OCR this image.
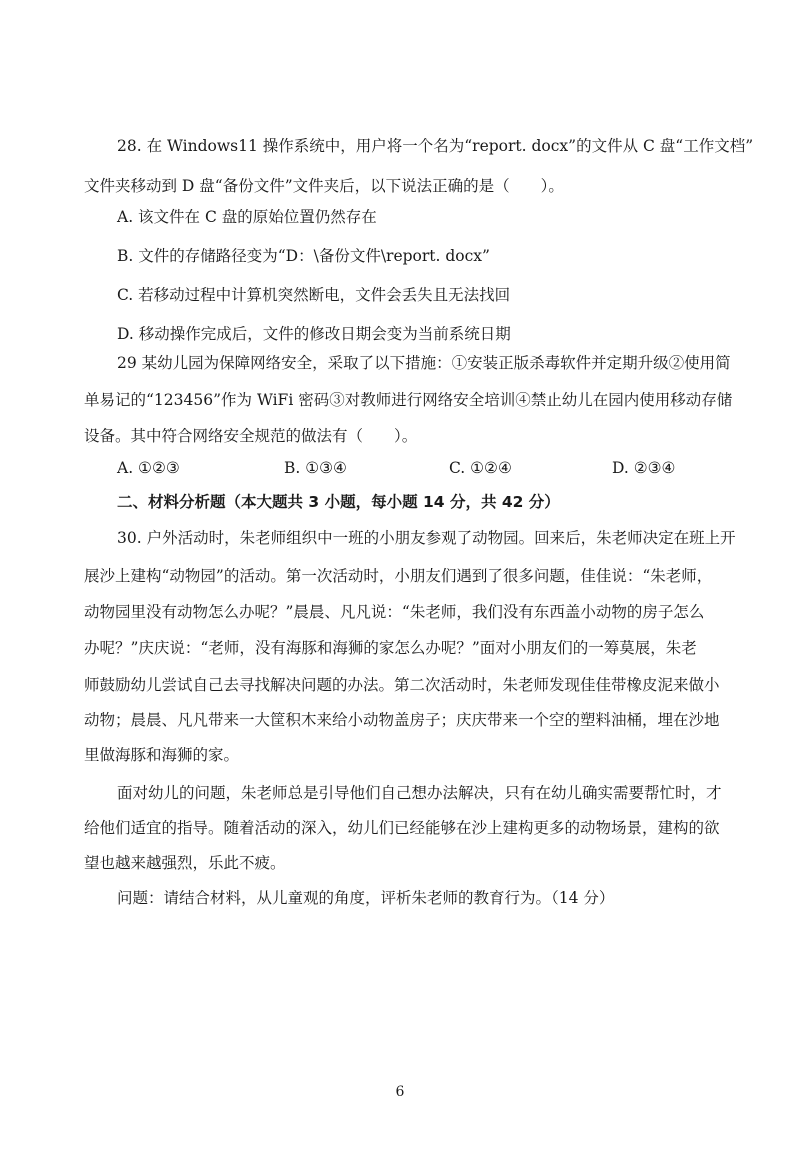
28. 在 Windows11 操作系统中，用户将一个名为“report. docx”的文件从 C 盘“工作文档”
文件夹移动到 D 盘“备份文件”文件夹后，以下说法正确的是（　　）。
A. 该文件在 C 盘的原始位置仍然存在
B. 文件的存储路径变为“D：\备份文件\report. docx”
C. 若移动过程中计算机突然断电，文件会丢失且无法找回
D. 移动操作完成后，文件的修改日期会变为当前系统日期
29 某幼儿园为保障网络安全，采取了以下措施：①安装正版杀毒软件并定期升级②使用简
单易记的“123456”作为 WiFi 密码③对教师进行网络安全培训④禁止幼儿在园内使用移动存储
设备。其中符合网络安全规范的做法有（　　）。
A. ①②③	B. ①③④	C. ①②④	D. ②③④
二、材料分析题（本大题共 3 小题，每小题 14 分，共 42 分）
30. 户外活动时，朱老师组织中一班的小朋友参观了动物园。回来后，朱老师决定在班上开
展沙上建构“动物园”的活动。第一次活动时，小朋友们遇到了很多问题，佳佳说：“朱老师，
动物园里没有动物怎么办呢？”晨晨、凡凡说：“朱老师，我们没有东西盖小动物的房子怎么
办呢？”庆庆说：“老师，没有海豚和海狮的家怎么办呢？”面对小朋友们的一筹莫展，朱老
师鼓励幼儿尝试自己去寻找解决问题的办法。第二次活动时，朱老师发现佳佳带橡皮泥来做小
动物；晨晨、凡凡带来一大筐积木来给小动物盖房子；庆庆带来一个空的塑料油桶，埋在沙地
里做海豚和海狮的家。
面对幼儿的问题，朱老师总是引导他们自己想办法解决，只有在幼儿确实需要帮忙时，才
给他们适宜的指导。随着活动的深入，幼儿们已经能够在沙上建构更多的动物场景，建构的欲
望也越来越强烈，乐此不疲。
问题：请结合材料，从儿童观的角度，评析朱老师的教育行为。（14 分）
6
